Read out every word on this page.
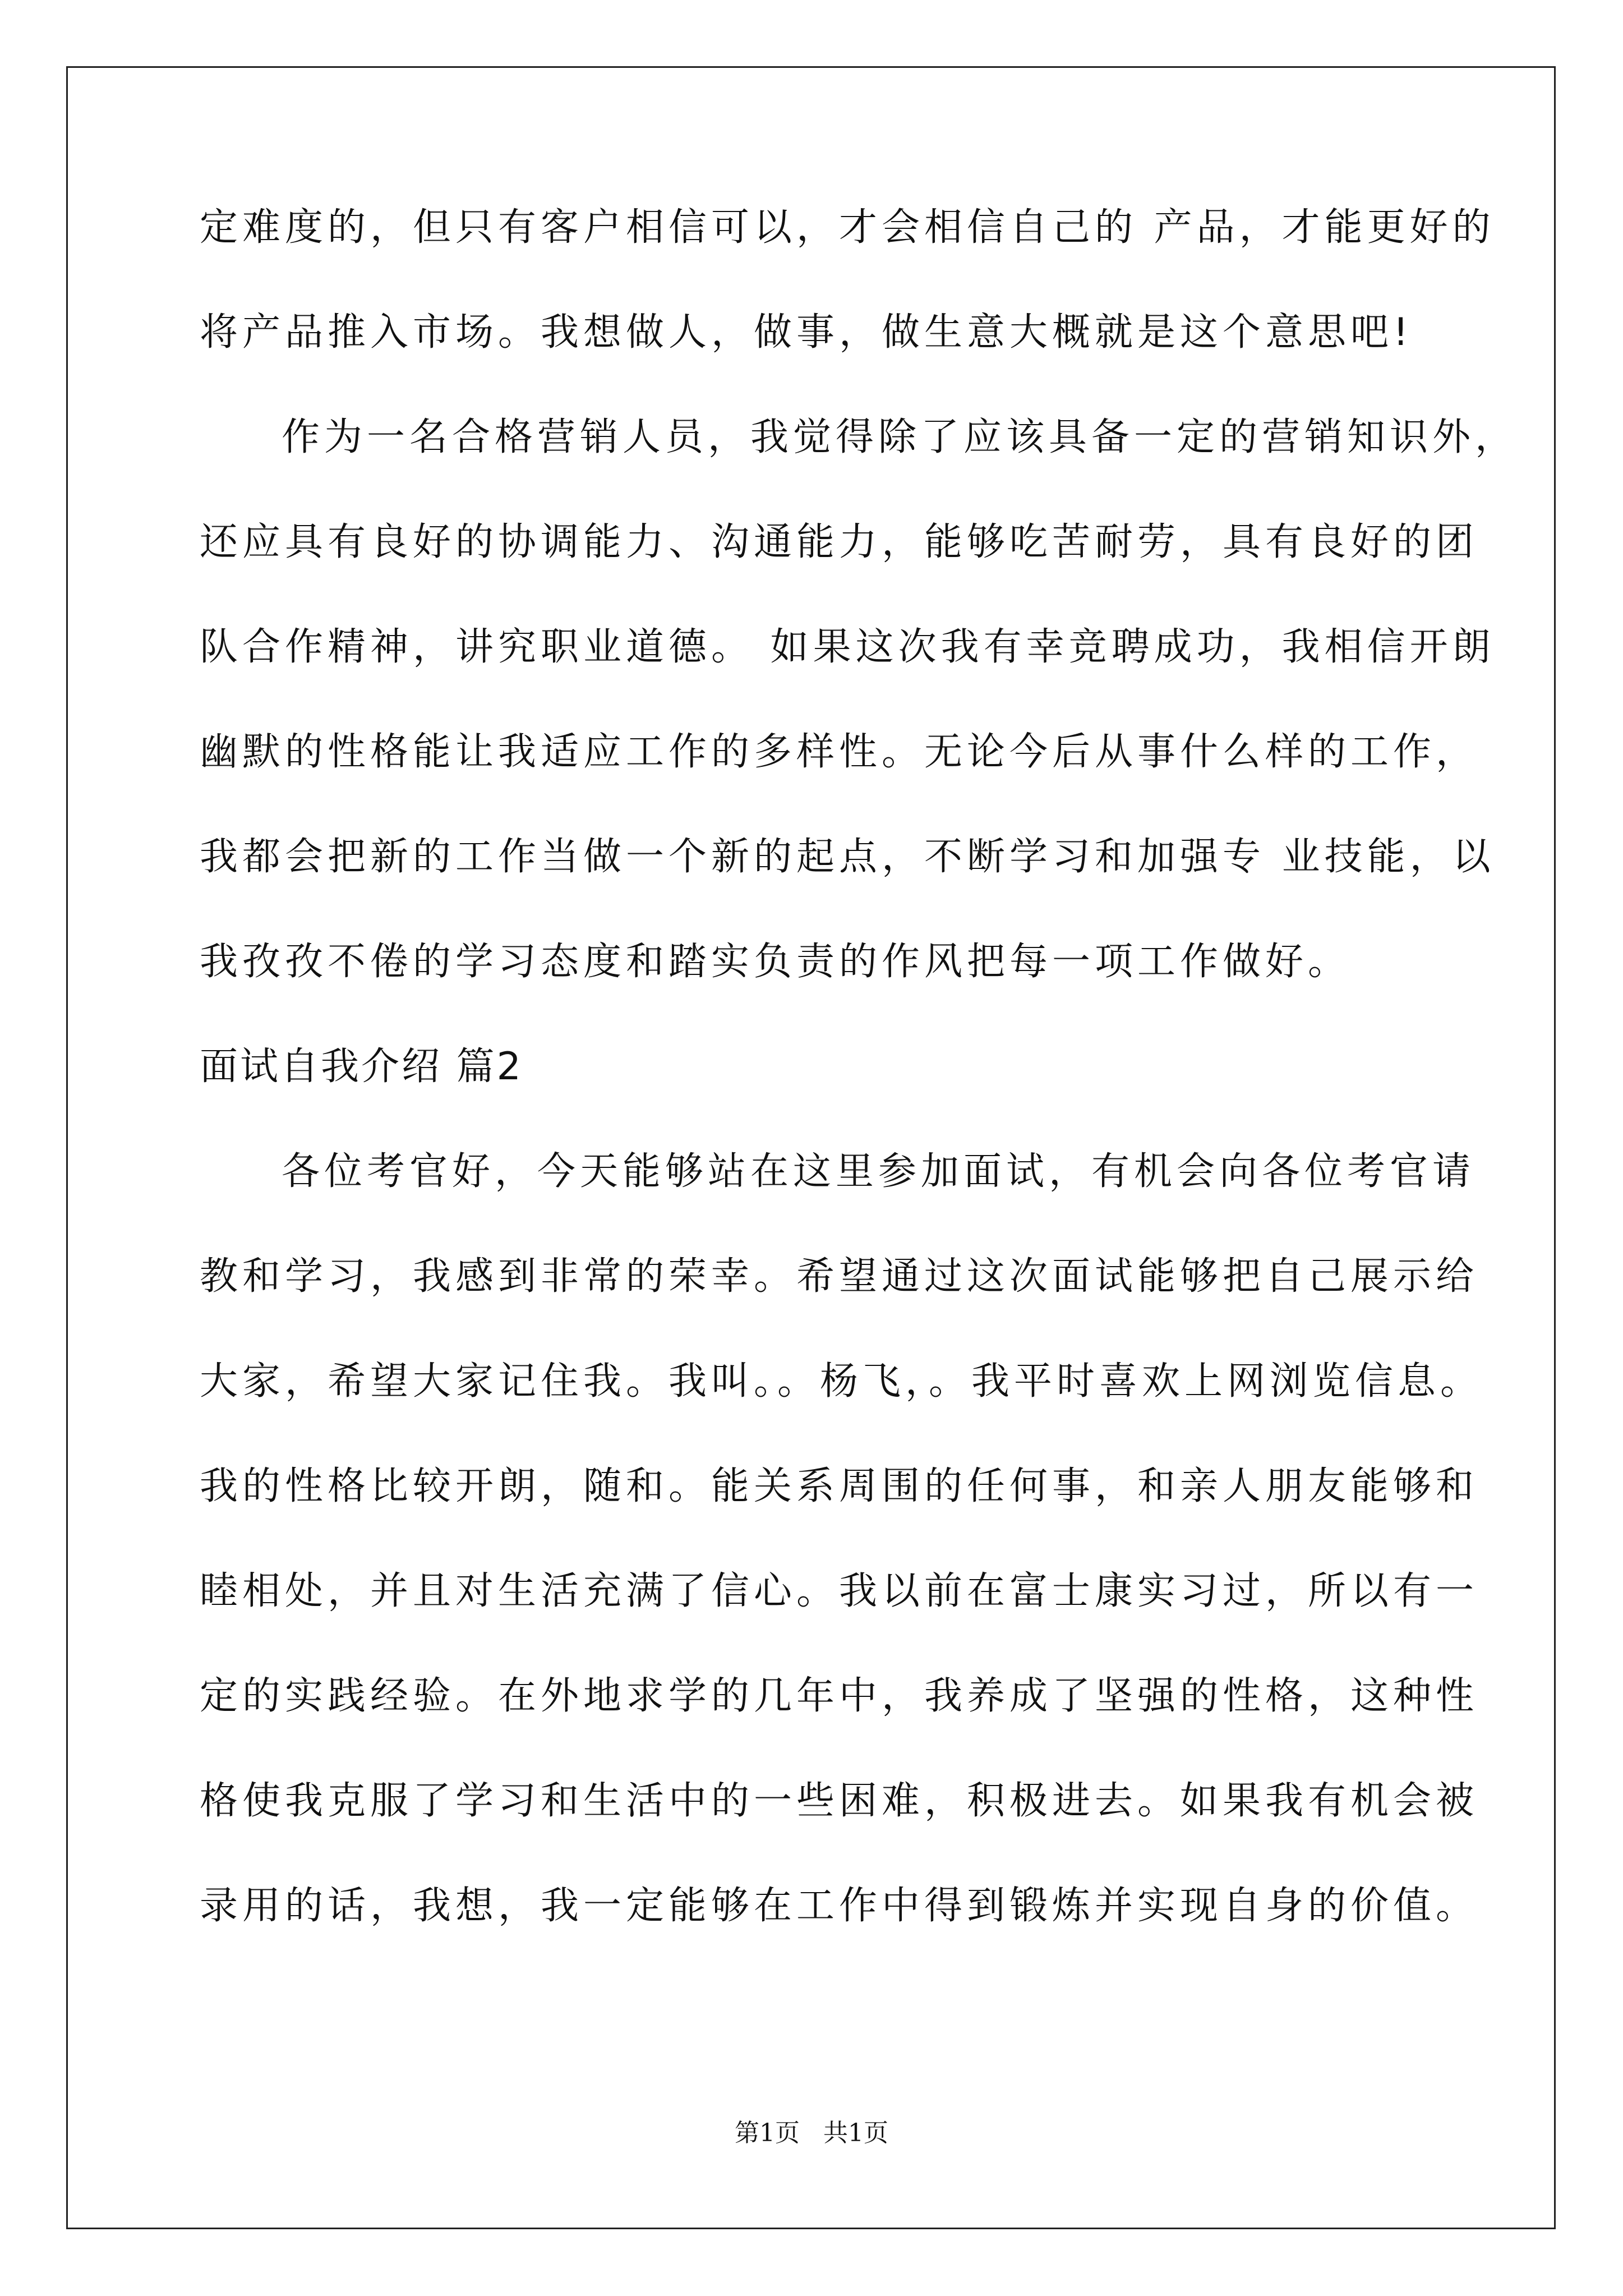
定难度的，但只有客户相信可以，才会相信自己的 产品，才能更好的
将产品推入市场。我想做人，做事，做生意大概就是这个意思吧!
作为一名合格营销人员，我觉得除了应该具备一定的营销知识外，
还应具有良好的协调能力、沟通能力，能够吃苦耐劳，具有良好的团
队合作精神，讲究职业道德。 如果这次我有幸竞聘成功，我相信开朗
幽默的性格能让我适应工作的多样性。无论今后从事什么样的工作，
我都会把新的工作当做一个新的起点，不断学习和加强专 业技能，以
我孜孜不倦的学习态度和踏实负责的作风把每一项工作做好。
面试自我介绍 篇2
各位考官好，今天能够站在这里参加面试，有机会向各位考官请
教和学习，我感到非常的荣幸。希望通过这次面试能够把自己展示给
大家，希望大家记住我。我叫。。杨飞，。我平时喜欢上网浏览信息。
我的性格比较开朗，随和。能关系周围的任何事，和亲人朋友能够和
睦相处，并且对生活充满了信心。我以前在富士康实习过，所以有一
定的实践经验。在外地求学的几年中，我养成了坚强的性格，这种性
格使我克服了学习和生活中的一些困难，积极进去。如果我有机会被
录用的话，我想，我一定能够在工作中得到锻炼并实现自身的价值。
第1页   共1页
